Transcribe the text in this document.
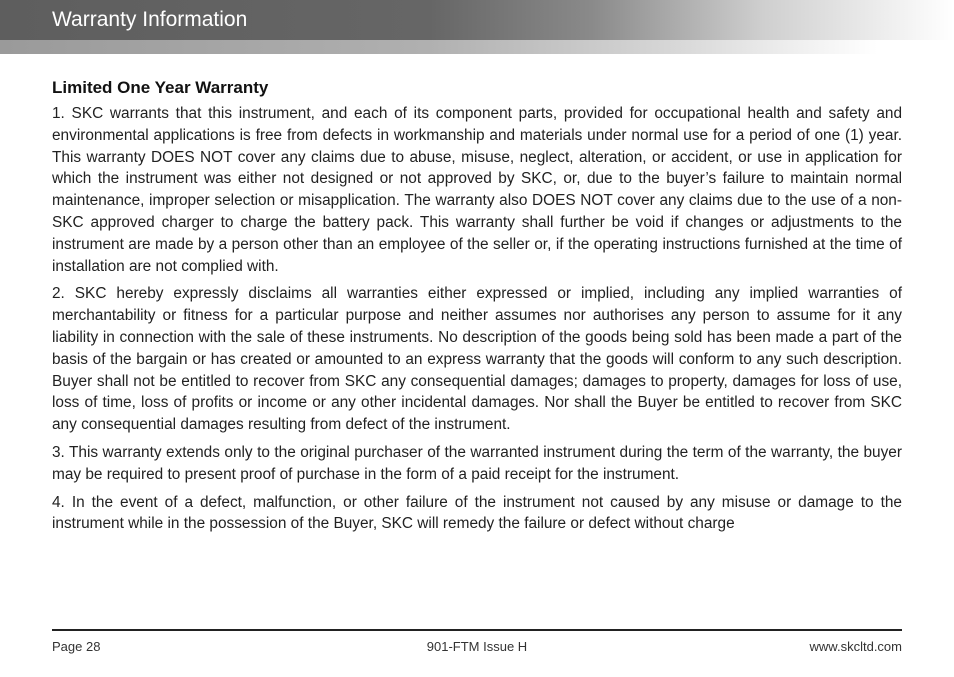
Warranty Information
Limited One Year Warranty

1. SKC warrants that this instrument, and each of its component parts, provided for occupational health and safety and environmental applications is free from defects in workmanship and materials under normal use for a period of one (1) year. This warranty DOES NOT cover any claims due to abuse, misuse, neglect, alteration, or accident, or use in application for which the instrument was either not designed or not approved by SKC, or, due to the buyer’s failure to maintain normal maintenance, improper selection or misapplication. The warranty also DOES NOT cover any claims due to the use of a non-SKC approved charger to charge the battery pack. This warranty shall further be void if changes or adjustments to the instrument are made by a person other than an employee of the seller or, if the operating instructions furnished at the time of installation are not complied with.

2. SKC hereby expressly disclaims all warranties either expressed or implied, including any implied warranties of merchantability or fitness for a particular purpose and neither assumes nor authorises any person to assume for it any liability in connection with the sale of these instruments. No description of the goods being sold has been made a part of the basis of the bargain or has created or amounted to an express warranty that the goods will conform to any such description. Buyer shall not be entitled to recover from SKC any consequential damages; damages to property, damages for loss of use, loss of time, loss of profits or income or any other incidental damages. Nor shall the Buyer be entitled to recover from SKC any consequential damages resulting from defect of the instrument.

3. This warranty extends only to the original purchaser of the warranted instrument during the term of the warranty, the buyer may be required to present proof of purchase in the form of a paid receipt for the instrument.

4. In the event of a defect, malfunction, or other failure of the instrument not caused by any misuse or damage to the instrument while in the possession of the Buyer, SKC will remedy the failure or defect without charge

Page 28	901-FTM Issue H	www.skcltd.com
